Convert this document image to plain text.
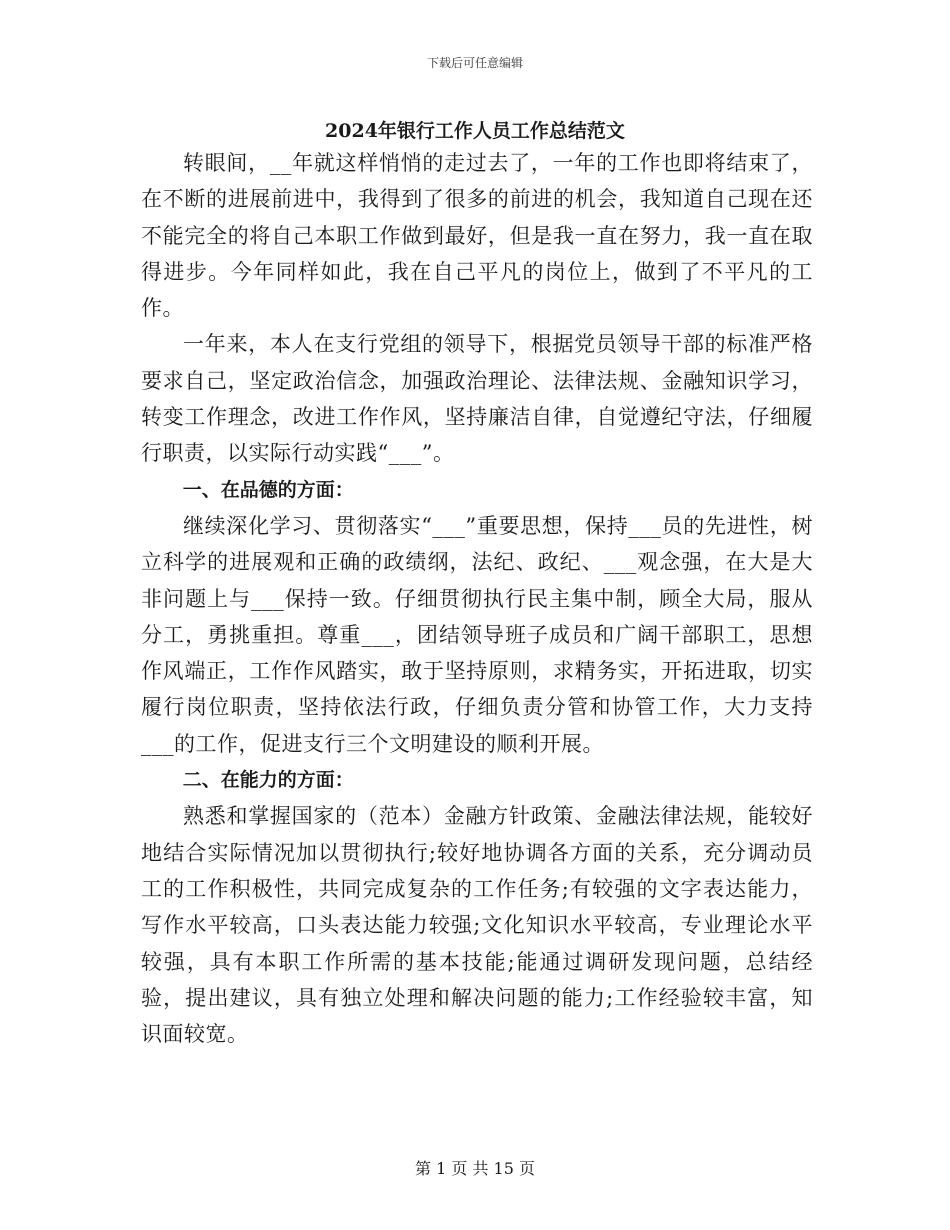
下载后可任意编辑
2024年银行工作人员工作总结范文

转眼间，__年就这样悄悄的走过去了，一年的工作也即将结束了，在不断的进展前进中，我得到了很多的前进的机会，我知道自己现在还不能完全的将自己本职工作做到最好，但是我一直在努力，我一直在取得进步。今年同样如此，我在自己平凡的岗位上，做到了不平凡的工作。

一年来，本人在支行党组的领导下，根据党员领导干部的标准严格要求自己，坚定政治信念，加强政治理论、法律法规、金融知识学习，转变工作理念，改进工作作风，坚持廉洁自律，自觉遵纪守法，仔细履行职责，以实际行动实践“___”。

一、在品德的方面：

继续深化学习、贯彻落实“___”重要思想，保持___员的先进性，树立科学的进展观和正确的政绩纲，法纪、政纪、___观念强，在大是大非问题上与___保持一致。仔细贯彻执行民主集中制，顾全大局，服从分工，勇挑重担。尊重___，团结领导班子成员和广阔干部职工，思想作风端正，工作作风踏实，敢于坚持原则，求精务实，开拓进取，切实履行岗位职责，坚持依法行政，仔细负责分管和协管工作，大力支持___的工作，促进支行三个文明建设的顺利开展。

二、在能力的方面：

熟悉和掌握国家的（范本）金融方针政策、金融法律法规，能较好地结合实际情况加以贯彻执行;较好地协调各方面的关系，充分调动员工的工作积极性，共同完成复杂的工作任务;有较强的文字表达能力，写作水平较高，口头表达能力较强;文化知识水平较高，专业理论水平较强，具有本职工作所需的基本技能;能通过调研发现问题，总结经验，提出建议，具有独立处理和解决问题的能力;工作经验较丰富，知识面较宽。

第 1 页 共 15 页
